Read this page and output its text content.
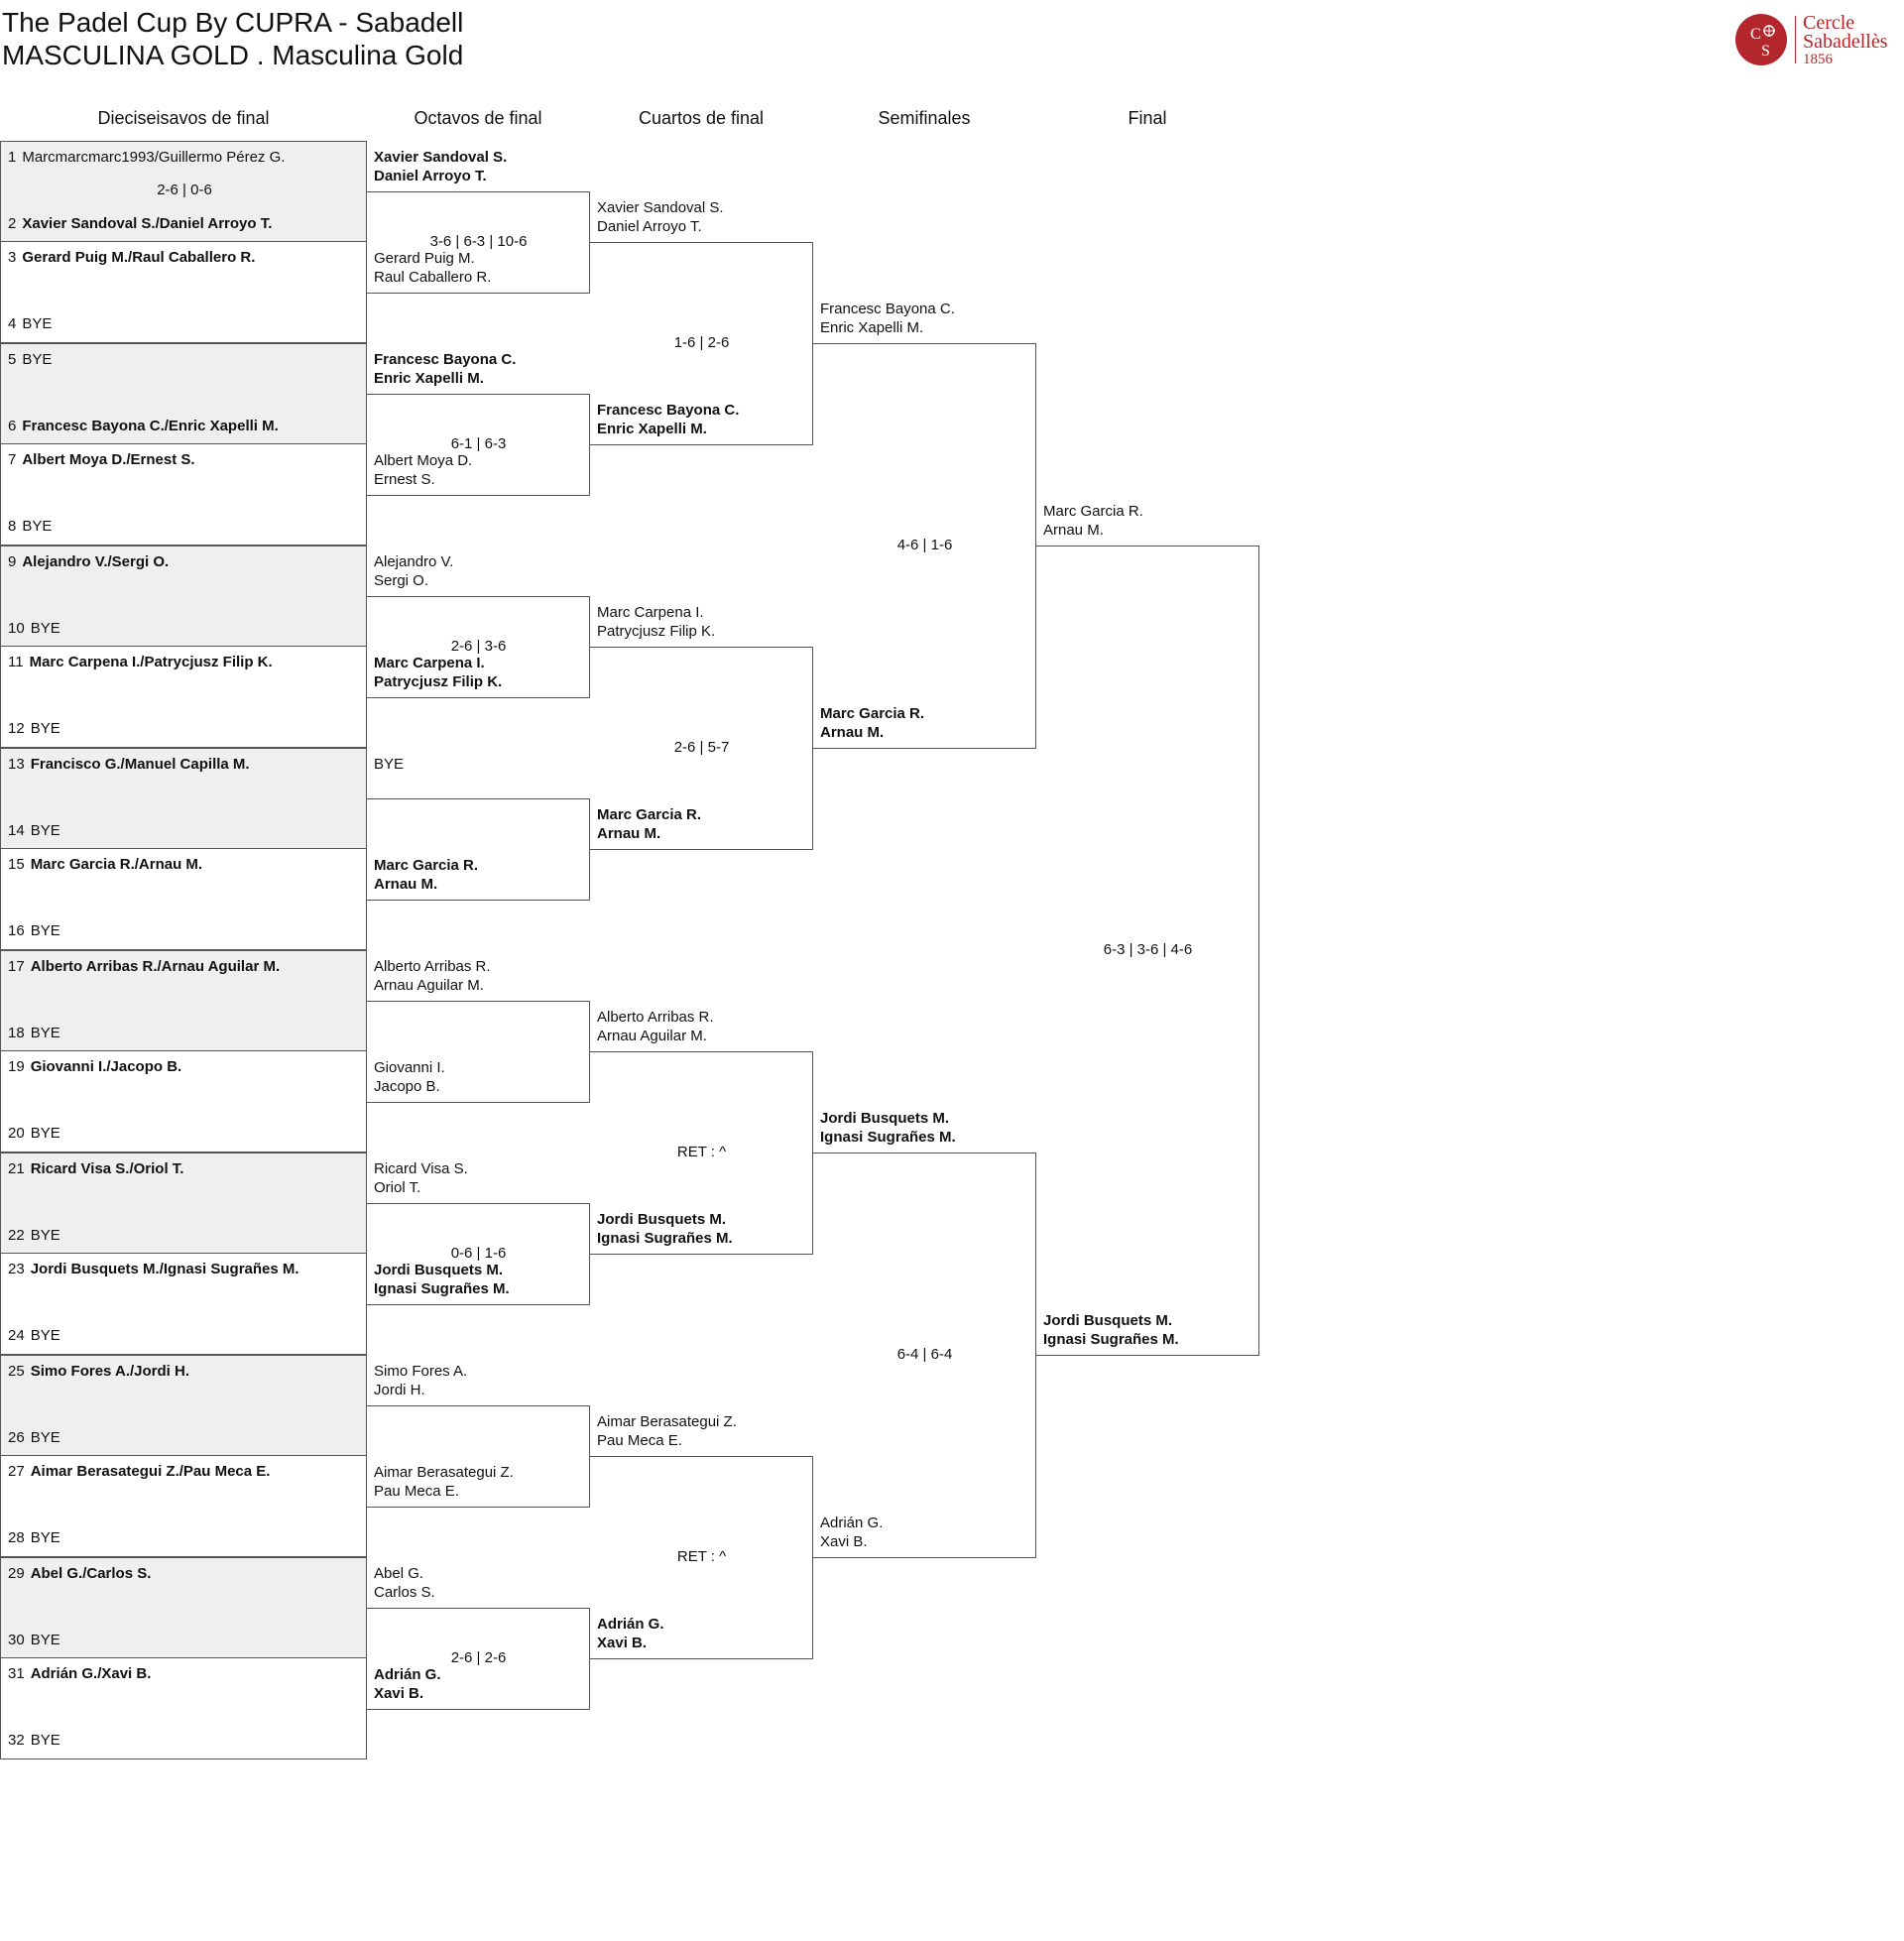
The Padel Cup By CUPRA - Sabadell
MASCULINA GOLD . Masculina Gold
C
S
Cercle
Sabadellès
1856
Dieciseisavos de final	Octavos de final	Cuartos de final	Semifinales	Final
1 Marcmarcmarc1993/Guillermo Pérez G.
2 Xavier Sandoval S./Daniel Arroyo T.
2-6 | 0-6
3 Gerard Puig M./Raul Caballero R.
4 BYE
5 BYE
6 Francesc Bayona C./Enric Xapelli M.
7 Albert Moya D./Ernest S.
8 BYE
9 Alejandro V./Sergi O.
10 BYE
11 Marc Carpena I./Patrycjusz Filip K.
12 BYE
13 Francisco G./Manuel Capilla M.
14 BYE
15 Marc Garcia R./Arnau M.
16 BYE
17 Alberto Arribas R./Arnau Aguilar M.
18 BYE
19 Giovanni I./Jacopo B.
20 BYE
21 Ricard Visa S./Oriol T.
22 BYE
23 Jordi Busquets M./Ignasi Sugrañes M.
24 BYE
25 Simo Fores A./Jordi H.
26 BYE
27 Aimar Berasategui Z./Pau Meca E.
28 BYE
29 Abel G./Carlos S.
30 BYE
31 Adrián G./Xavi B.
32 BYE
Xavier Sandoval S.
Daniel Arroyo T.
Gerard Puig M.
Raul Caballero R.
Francesc Bayona C.
Enric Xapelli M.
Albert Moya D.
Ernest S.
Alejandro V.
Sergi O.
Marc Carpena I.
Patrycjusz Filip K.
BYE
Marc Garcia R.
Arnau M.
Alberto Arribas R.
Arnau Aguilar M.
Giovanni I.
Jacopo B.
Ricard Visa S.
Oriol T.
Jordi Busquets M.
Ignasi Sugrañes M.
Simo Fores A.
Jordi H.
Aimar Berasategui Z.
Pau Meca E.
Abel G.
Carlos S.
Adrián G.
Xavi B.
3-6 | 6-3 | 10-6
6-1 | 6-3
2-6 | 3-6
0-6 | 1-6
2-6 | 2-6
Xavier Sandoval S.
Daniel Arroyo T.
Francesc Bayona C.
Enric Xapelli M.
Marc Carpena I.
Patrycjusz Filip K.
Marc Garcia R.
Arnau M.
Alberto Arribas R.
Arnau Aguilar M.
Jordi Busquets M.
Ignasi Sugrañes M.
Aimar Berasategui Z.
Pau Meca E.
Adrián G.
Xavi B.
1-6 | 2-6
2-6 | 5-7
RET : ^
RET : ^
Francesc Bayona C.
Enric Xapelli M.
Marc Garcia R.
Arnau M.
Jordi Busquets M.
Ignasi Sugrañes M.
Adrián G.
Xavi B.
4-6 | 1-6
6-4 | 6-4
Marc Garcia R.
Arnau M.
Jordi Busquets M.
Ignasi Sugrañes M.
6-3 | 3-6 | 4-6
